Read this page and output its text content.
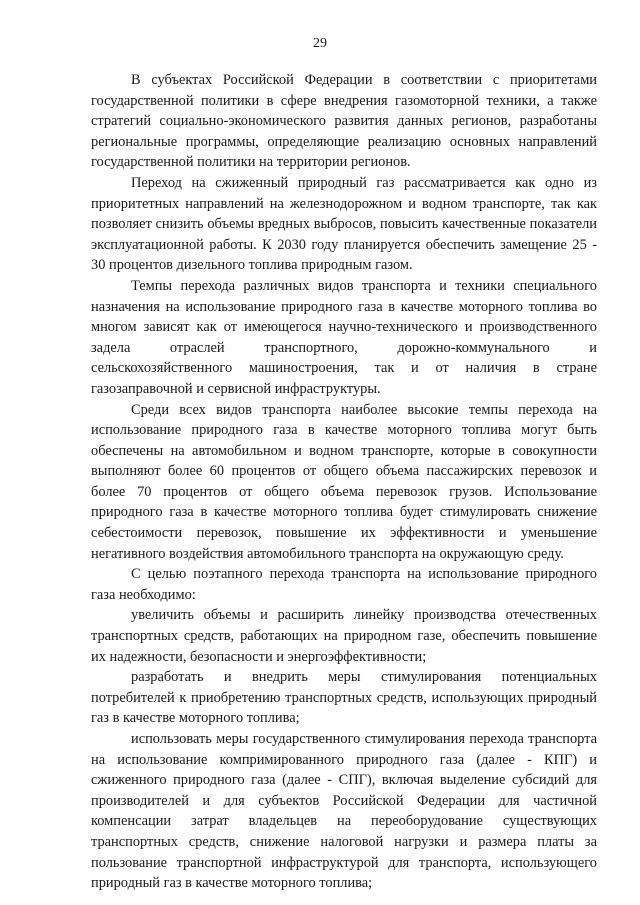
29

В субъектах Российской Федерации в соответствии с приоритетами государственной политики в сфере внедрения газомоторной техники, а также стратегий социально-экономического развития данных регионов, разработаны региональные программы, определяющие реализацию основных направлений государственной политики на территории регионов.

Переход на сжиженный природный газ рассматривается как одно из приоритетных направлений на железнодорожном и водном транспорте, так как позволяет снизить объемы вредных выбросов, повысить качественные показатели эксплуатационной работы. К 2030 году планируется обеспечить замещение 25 - 30 процентов дизельного топлива природным газом.

Темпы перехода различных видов транспорта и техники специального назначения на использование природного газа в качестве моторного топлива во многом зависят как от имеющегося научно-технического и производственного задела отраслей транспортного, дорожно-коммунального и сельскохозяйственного машиностроения, так и от наличия в стране газозаправочной и сервисной инфраструктуры.

Среди всех видов транспорта наиболее высокие темпы перехода на использование природного газа в качестве моторного топлива могут быть обеспечены на автомобильном и водном транспорте, которые в совокупности выполняют более 60 процентов от общего объема пассажирских перевозок и более 70 процентов от общего объема перевозок грузов. Использование природного газа в качестве моторного топлива будет стимулировать снижение себестоимости перевозок, повышение их эффективности и уменьшение негативного воздействия автомобильного транспорта на окружающую среду.

С целью поэтапного перехода транспорта на использование природного газа необходимо:

увеличить объемы и расширить линейку производства отечественных транспортных средств, работающих на природном газе, обеспечить повышение их надежности, безопасности и энергоэффективности;

разработать и внедрить меры стимулирования потенциальных потребителей к приобретению транспортных средств, использующих природный газ в качестве моторного топлива;

использовать меры государственного стимулирования перехода транспорта на использование компримированного природного газа (далее - КПГ) и сжиженного природного газа (далее - СПГ), включая выделение субсидий для производителей и для субъектов Российской Федерации для частичной компенсации затрат владельцев на переоборудование существующих транспортных средств, снижение налоговой нагрузки и размера платы за пользование транспортной инфраструктурой для транспорта, использующего природный газ в качестве моторного топлива;
